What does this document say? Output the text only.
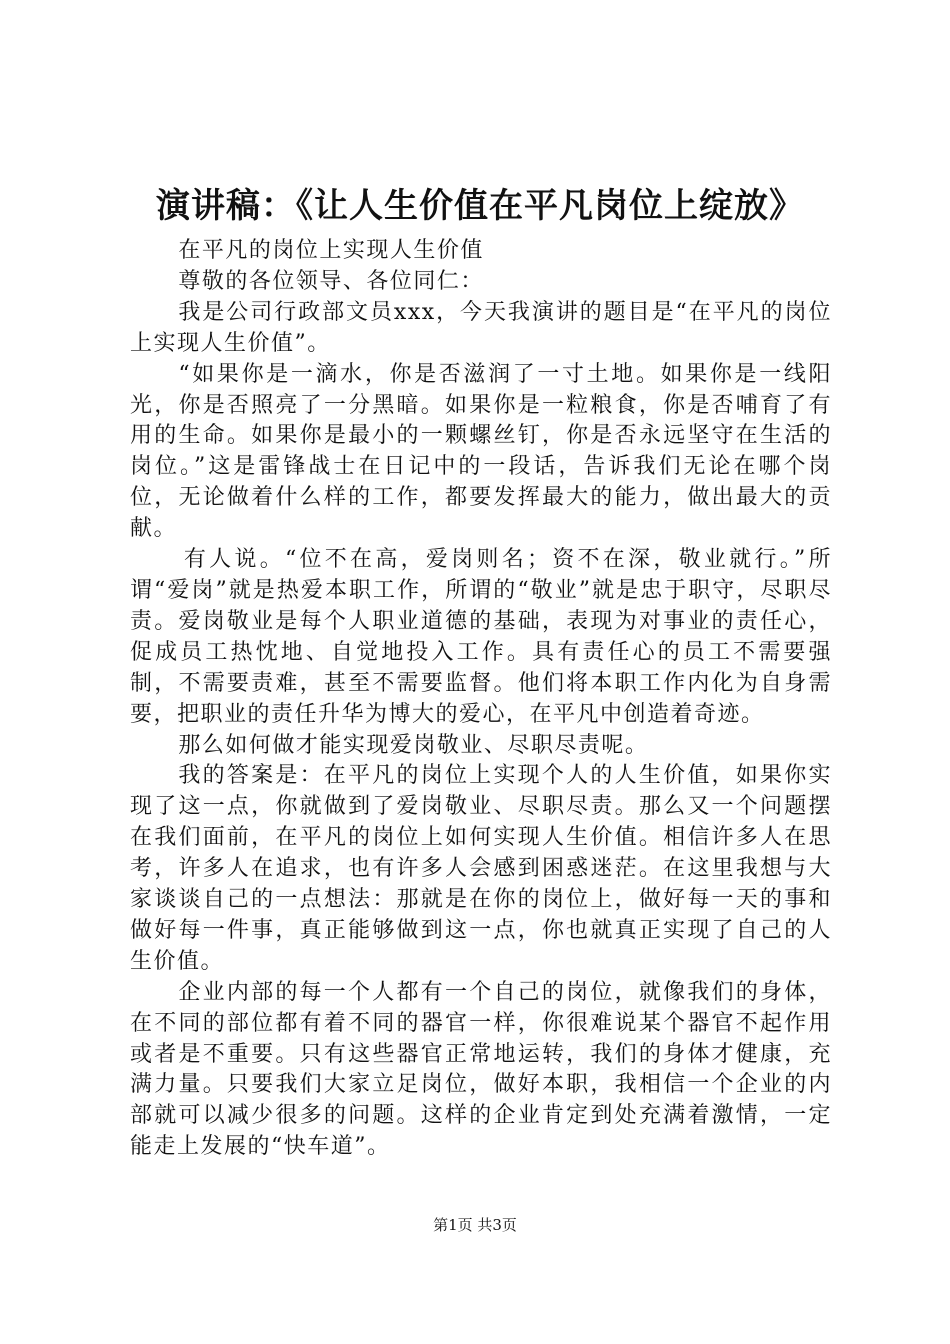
演讲稿：《让人生价值在平凡岗位上绽放》

在平凡的岗位上实现人生价值

尊敬的各位领导、各位同仁：

我是公司行政部文员xxx，今天我演讲的题目是“在平凡的岗位上实现人生价值”。

“如果你是一滴水，你是否滋润了一寸土地。如果你是一线阳光，你是否照亮了一分黑暗。如果你是一粒粮食，你是否哺育了有用的生命。如果你是最小的一颗螺丝钉，你是否永远坚守在生活的岗位。”这是雷锋战士在日记中的一段话，告诉我们无论在哪个岗位，无论做着什么样的工作，都要发挥最大的能力，做出最大的贡献。

有人说。“位不在高，爱岗则名；资不在深，敬业就行。”所谓“爱岗”就是热爱本职工作，所谓的“敬业”就是忠于职守，尽职尽责。爱岗敬业是每个人职业道德的基础，表现为对事业的责任心，促成员工热忱地、自觉地投入工作。具有责任心的员工不需要强制，不需要责难，甚至不需要监督。他们将本职工作内化为自身需要，把职业的责任升华为博大的爱心，在平凡中创造着奇迹。

那么如何做才能实现爱岗敬业、尽职尽责呢。

我的答案是：在平凡的岗位上实现个人的人生价值，如果你实现了这一点，你就做到了爱岗敬业、尽职尽责。那么又一个问题摆在我们面前，在平凡的岗位上如何实现人生价值。相信许多人在思考，许多人在追求，也有许多人会感到困惑迷茫。在这里我想与大家谈谈自己的一点想法：那就是在你的岗位上，做好每一天的事和做好每一件事，真正能够做到这一点，你也就真正实现了自己的人生价值。

企业内部的每一个人都有一个自己的岗位，就像我们的身体，在不同的部位都有着不同的器官一样，你很难说某个器官不起作用或者是不重要。只有这些器官正常地运转，我们的身体才健康，充满力量。只要我们大家立足岗位，做好本职，我相信一个企业的内部就可以减少很多的问题。这样的企业肯定到处充满着激情，一定能走上发展的“快车道”。

第1页 共3页
